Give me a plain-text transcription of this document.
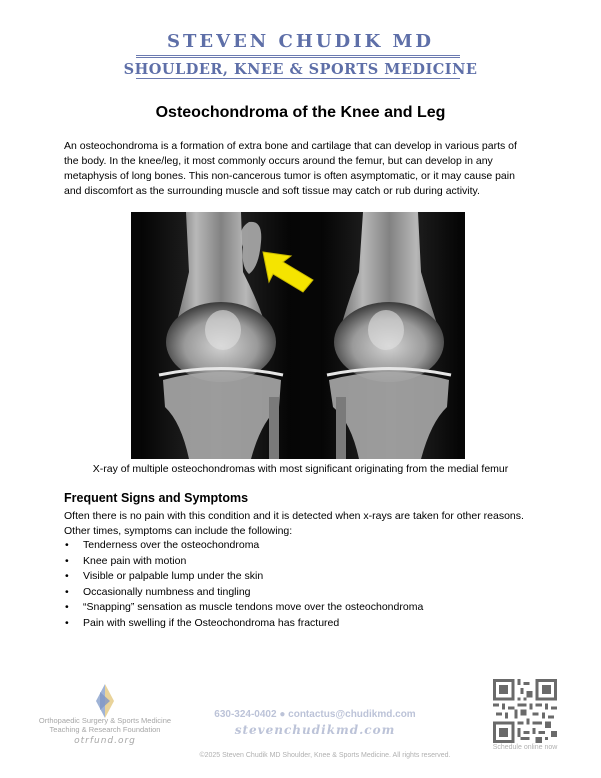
STEVEN CHUDIK MD
SHOULDER, KNEE & SPORTS MEDICINE
Osteochondroma of the Knee and Leg
An osteochondroma is a formation of extra bone and cartilage that can develop in various parts of the body. In the knee/leg, it most commonly occurs around the femur, but can develop in any metaphysis of long bones. This non-cancerous tumor is often asymptomatic, or it may cause pain and discomfort as the surrounding muscle and soft tissue may catch or rub during activity.
X-ray of multiple osteochondromas with most significant originating from the medial femur
Frequent Signs and Symptoms
Often there is no pain with this condition and it is detected when x-rays are taken for other reasons. Other times, symptoms can include the following:
• Tenderness over the osteochondroma
• Knee pain with motion
• Visible or palpable lump under the skin
• Occasionally numbness and tingling
• “Snapping” sensation as muscle tendons move over the osteochondroma
• Pain with swelling if the Osteochondroma has fractured
Orthopaedic Surgery & Sports Medicine
Teaching & Research Foundation
otrfund.org
630-324-0402 ● contactus@chudikmd.com
stevenchudikmd.com
©2025 Steven Chudik MD Shoulder, Knee & Sports Medicine. All rights reserved.
Schedule online now
